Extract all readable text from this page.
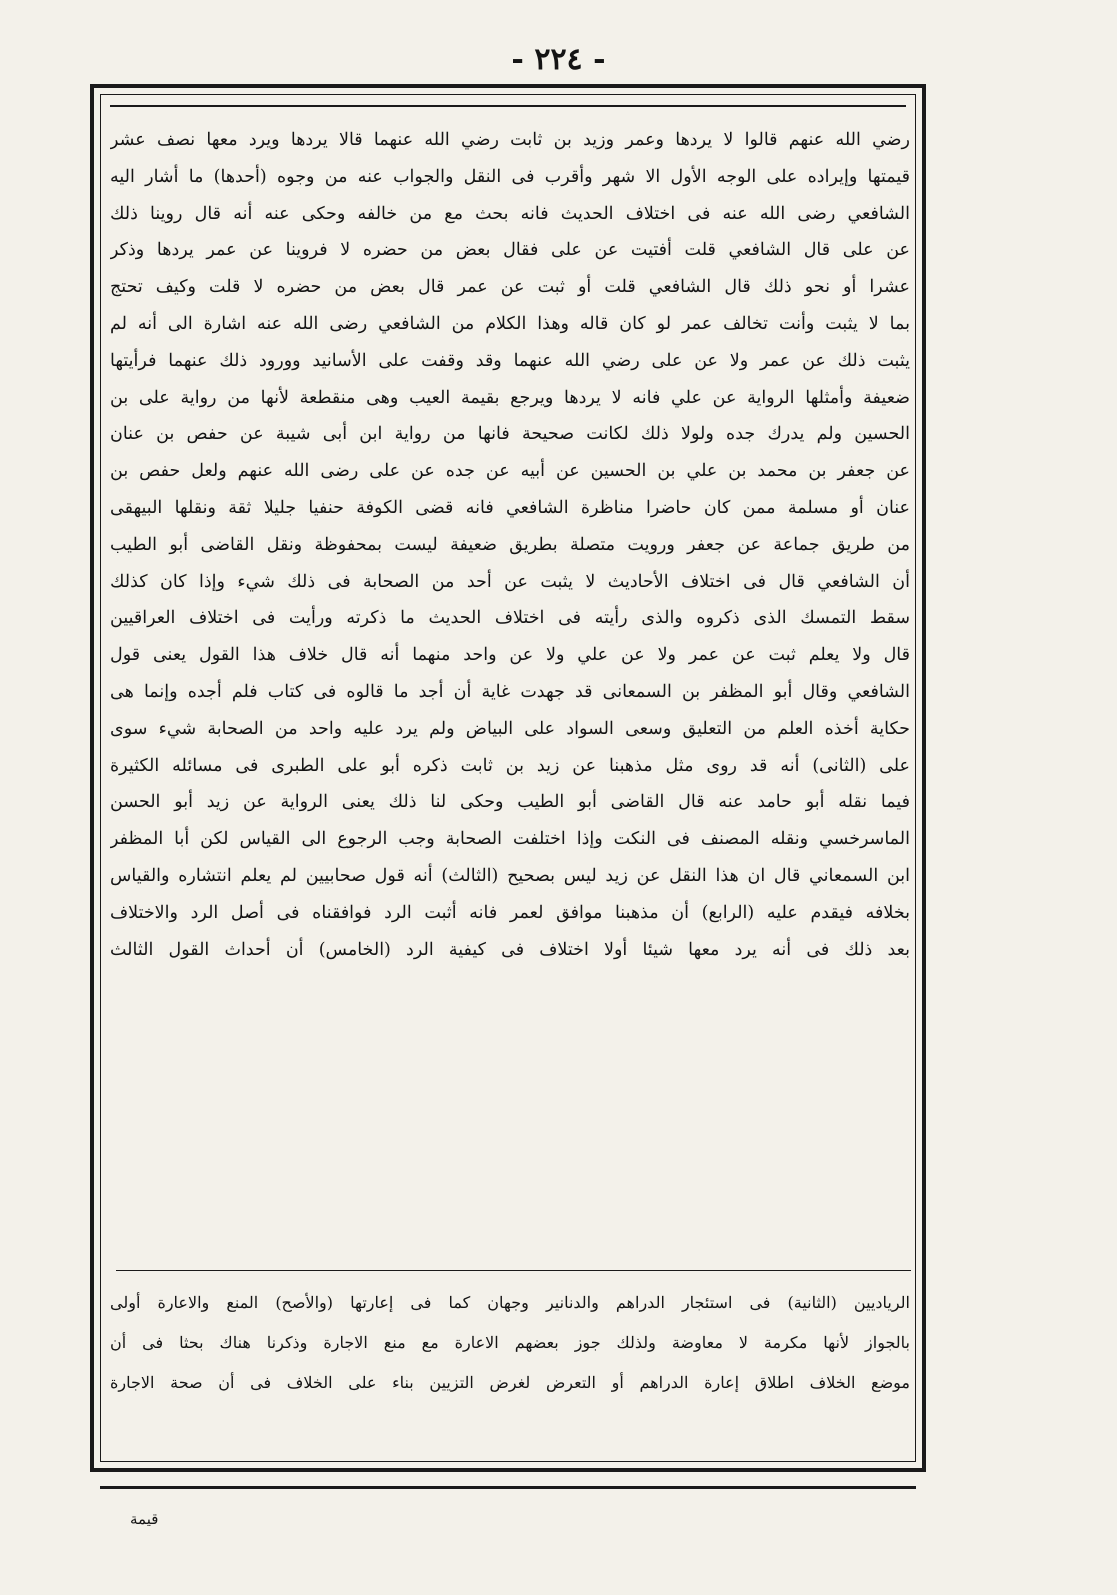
- ٢٢٤ -
رضي الله عنهم قالوا لا يردها وعمر وزيد بن ثابت رضي الله عنهما قالا يردها ويرد معها نصف عشر
قيمتها وإيراده على الوجه الأول الا شهر وأقرب فى النقل والجواب عنه من وجوه (أحدها) ما أشار اليه
الشافعي رضى الله عنه فى اختلاف الحديث فانه بحث مع من خالفه وحكى عنه أنه قال روينا ذلك
عن على قال الشافعي قلت أفتيت عن على فقال بعض من حضره لا فروينا عن عمر يردها وذكر
عشرا أو نحو ذلك قال الشافعي قلت أو ثبت عن عمر قال بعض من حضره لا قلت وكيف تحتج
بما لا يثبت وأنت تخالف عمر لو كان قاله وهذا الكلام من الشافعي رضى الله عنه اشارة الى أنه لم
يثبت ذلك عن عمر ولا عن على رضي الله عنهما وقد وقفت على الأسانيد وورود ذلك عنهما فرأيتها
ضعيفة وأمثلها الرواية عن علي فانه لا يردها ويرجع بقيمة العيب وهى منقطعة لأنها من رواية على بن
الحسين ولم يدرك جده ولولا ذلك لكانت صحيحة فانها من رواية ابن أبى شيبة عن حفص بن عنان
عن جعفر بن محمد بن علي بن الحسين عن أبيه عن جده عن على رضى الله عنهم ولعل حفص بن
عنان أو مسلمة ممن كان حاضرا مناظرة الشافعي فانه قضى الكوفة حنفيا جليلا ثقة ونقلها البيهقى
من طريق جماعة عن جعفر ورويت متصلة بطريق ضعيفة ليست بمحفوظة ونقل القاضى أبو الطيب
أن الشافعي قال فى اختلاف الأحاديث لا يثبت عن أحد من الصحابة فى ذلك شيء وإذا كان كذلك
سقط التمسك الذى ذكروه والذى رأيته فى اختلاف الحديث ما ذكرته ورأيت فى اختلاف العراقيين
قال ولا يعلم ثبت عن عمر ولا عن علي ولا عن واحد منهما أنه قال خلاف هذا القول يعنى قول
الشافعي وقال أبو المظفر بن السمعانى قد جهدت غاية أن أجد ما قالوه فى كتاب فلم أجده وإنما هى
حكاية أخذه العلم من التعليق وسعى السواد على البياض ولم يرد عليه واحد من الصحابة شيء سوى
على (الثانى) أنه قد روى مثل مذهبنا عن زيد بن ثابت ذكره أبو على الطبرى فى مسائله الكثيرة
فيما نقله أبو حامد عنه قال القاضى أبو الطيب وحكى لنا ذلك يعنى الرواية عن زيد أبو الحسن
الماسرخسي ونقله المصنف فى النكت وإذا اختلفت الصحابة وجب الرجوع الى القياس لكن أبا المظفر
ابن السمعاني قال ان هذا النقل عن زيد ليس بصحيح (الثالث) أنه قول صحابيين لم يعلم انتشاره والقياس
بخلافه فيقدم عليه (الرابع) أن مذهبنا موافق لعمر فانه أثبت الرد فوافقناه فى أصل الرد والاختلاف
بعد ذلك فى أنه يرد معها شيئا أولا اختلاف فى كيفية الرد (الخامس) أن أحداث القول الثالث
الرياديين (الثانية) فى استئجار الدراهم والدنانير وجهان كما فى إعارتها (والأصح) المنع والاعارة أولى
بالجواز لأنها مكرمة لا معاوضة ولذلك جوز بعضهم الاعارة مع منع الاجارة وذكرنا هناك بحثا فى أن
موضع الخلاف اطلاق إعارة الدراهم أو التعرض لغرض التزيين بناء على الخلاف فى أن صحة الاجارة
قيمة
